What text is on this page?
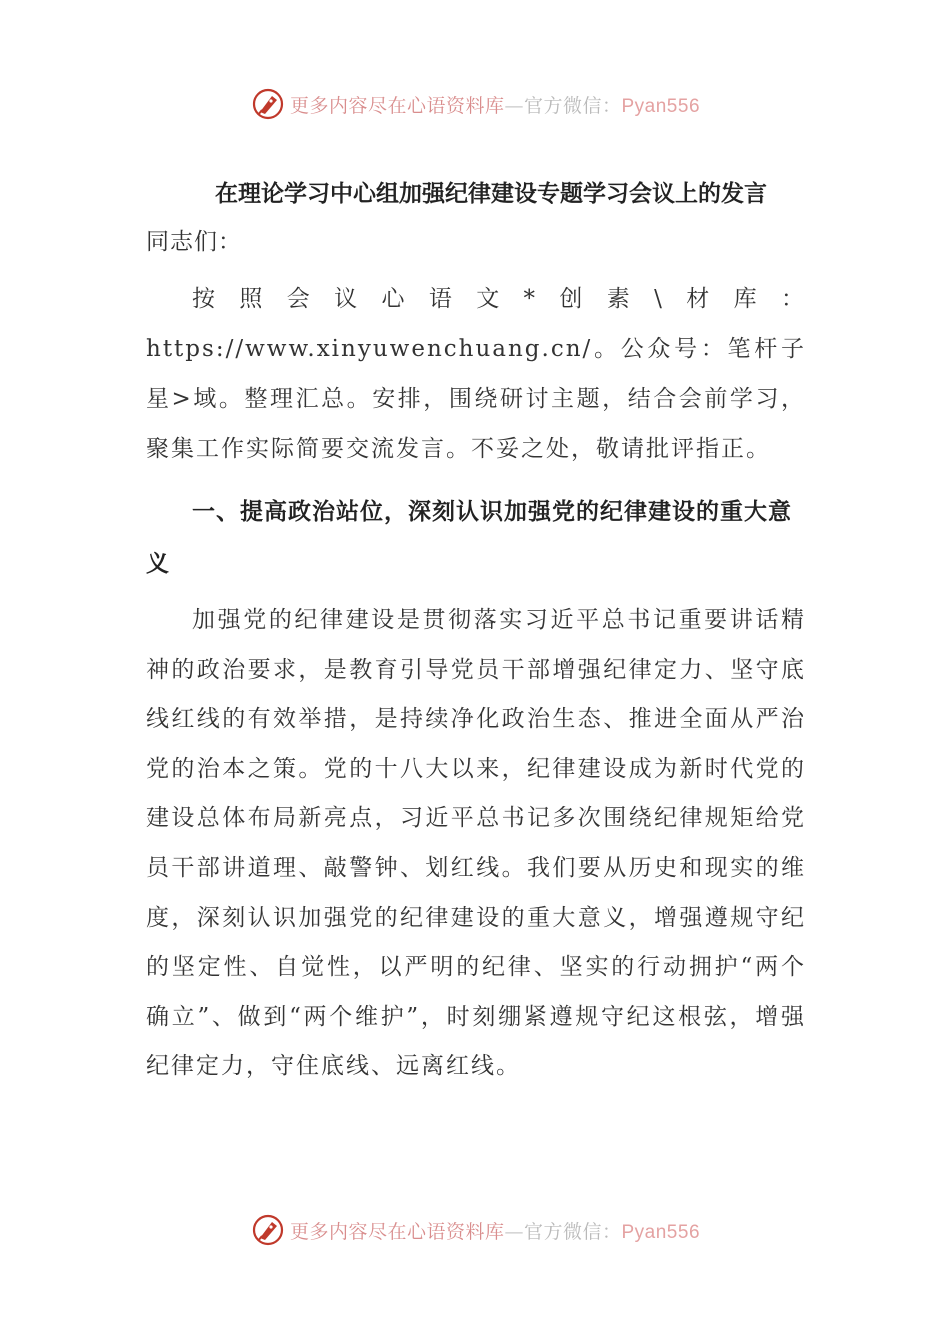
更多内容尽在心语资料库—官方微信：Pyan556
在理论学习中心组加强纪律建设专题学习会议上的发言

同志们：

按照会议心语文*创素\材库：https://www.xinyuwenchuang.cn/。公众号：笔杆子星>域。整理汇总。安排，围绕研讨主题，结合会前学习，聚集工作实际简要交流发言。不妥之处，敬请批评指正。

一、提高政治站位，深刻认识加强党的纪律建设的重大意义

加强党的纪律建设是贯彻落实习近平总书记重要讲话精神的政治要求，是教育引导党员干部增强纪律定力、坚守底线红线的有效举措，是持续净化政治生态、推进全面从严治党的治本之策。党的十八大以来，纪律建设成为新时代党的建设总体布局新亮点，习近平总书记多次围绕纪律规矩给党员干部讲道理、敲警钟、划红线。我们要从历史和现实的维度，深刻认识加强党的纪律建设的重大意义，增强遵规守纪的坚定性、自觉性，以严明的纪律、坚实的行动拥护“两个确立”、做到“两个维护”，时刻绷紧遵规守纪这根弦，增强纪律定力，守住底线、远离红线。

更多内容尽在心语资料库—官方微信：Pyan556
